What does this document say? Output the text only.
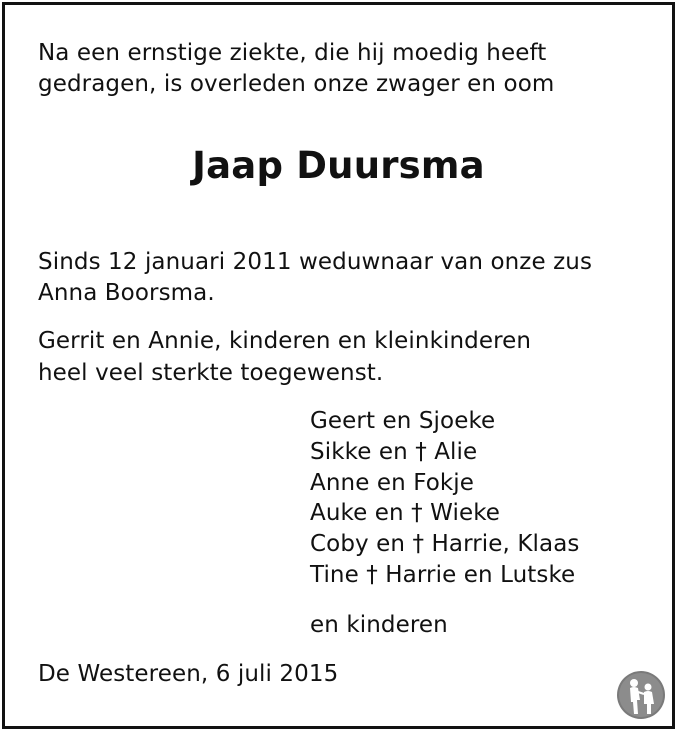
Na een ernstige ziekte, die hij moedig heeft
gedragen, is overleden onze zwager en oom
Jaap Duursma
Sinds 12 januari 2011 weduwnaar van onze zus
Anna Boorsma.
Gerrit en Annie, kinderen en kleinkinderen
heel veel sterkte toegewenst.
Geert en Sjoeke
Sikke en † Alie
Anne en Fokje
Auke en † Wieke
Coby en † Harrie, Klaas
Tine † Harrie en Lutske
en kinderen
De Westereen, 6 juli 2015
